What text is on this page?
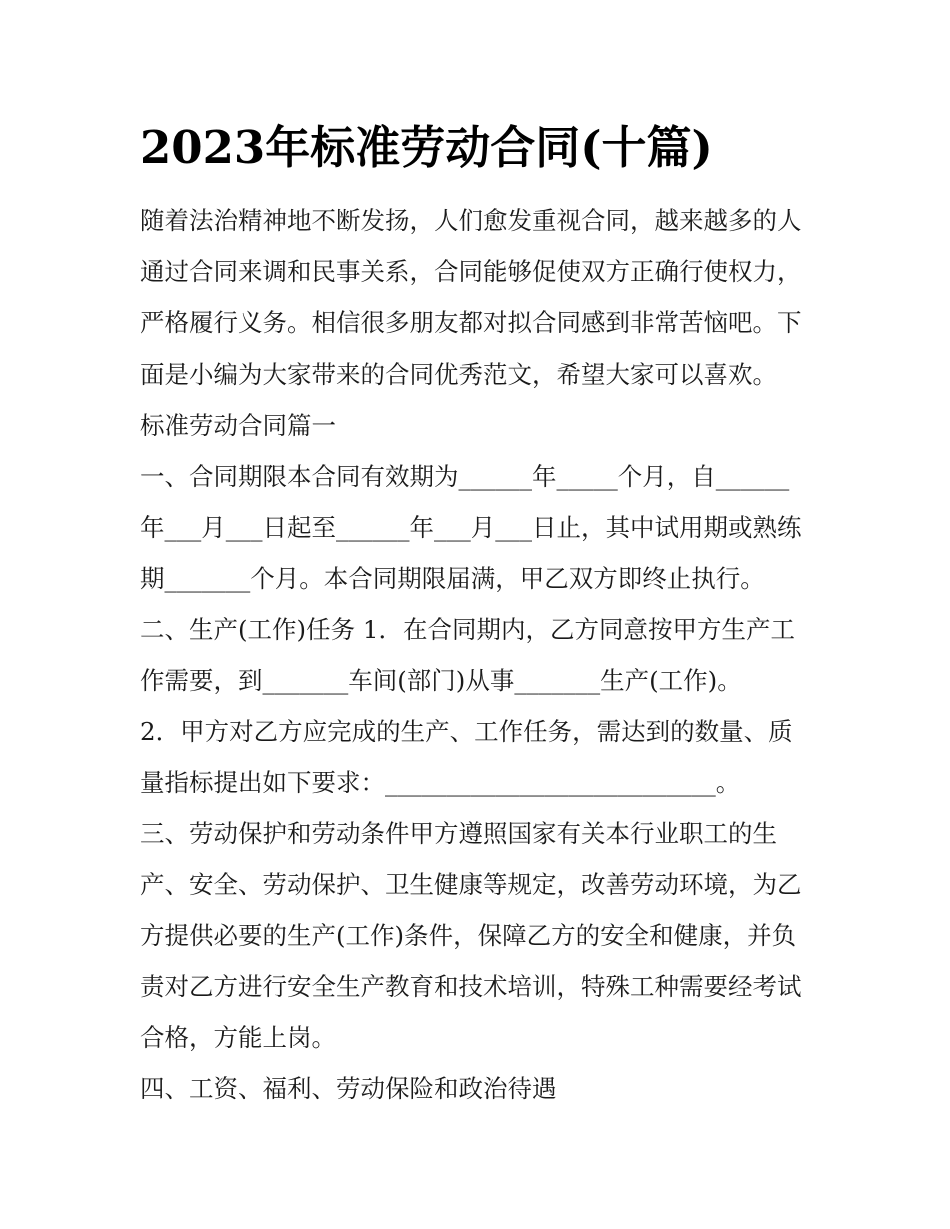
2023年标准劳动合同(十篇)
随着法治精神地不断发扬，人们愈发重视合同，越来越多的人
通过合同来调和民事关系，合同能够促使双方正确行使权力，
严格履行义务。相信很多朋友都对拟合同感到非常苦恼吧。下
面是小编为大家带来的合同优秀范文，希望大家可以喜欢。
标准劳动合同篇一
一、合同期限本合同有效期为______年_____个月，自______
年___月___日起至______年___月___日止，其中试用期或熟练
期_______个月。本合同期限届满，甲乙双方即终止执行。
二、生产(工作)任务 1．在合同期内，乙方同意按甲方生产工
作需要，到_______车间(部门)从事_______生产(工作)。
2．甲方对乙方应完成的生产、工作任务，需达到的数量、质
量指标提出如下要求：___________________________。
三、劳动保护和劳动条件甲方遵照国家有关本行业职工的生
产、安全、劳动保护、卫生健康等规定，改善劳动环境，为乙
方提供必要的生产(工作)条件，保障乙方的安全和健康，并负
责对乙方进行安全生产教育和技术培训，特殊工种需要经考试
合格，方能上岗。
四、工资、福利、劳动保险和政治待遇
